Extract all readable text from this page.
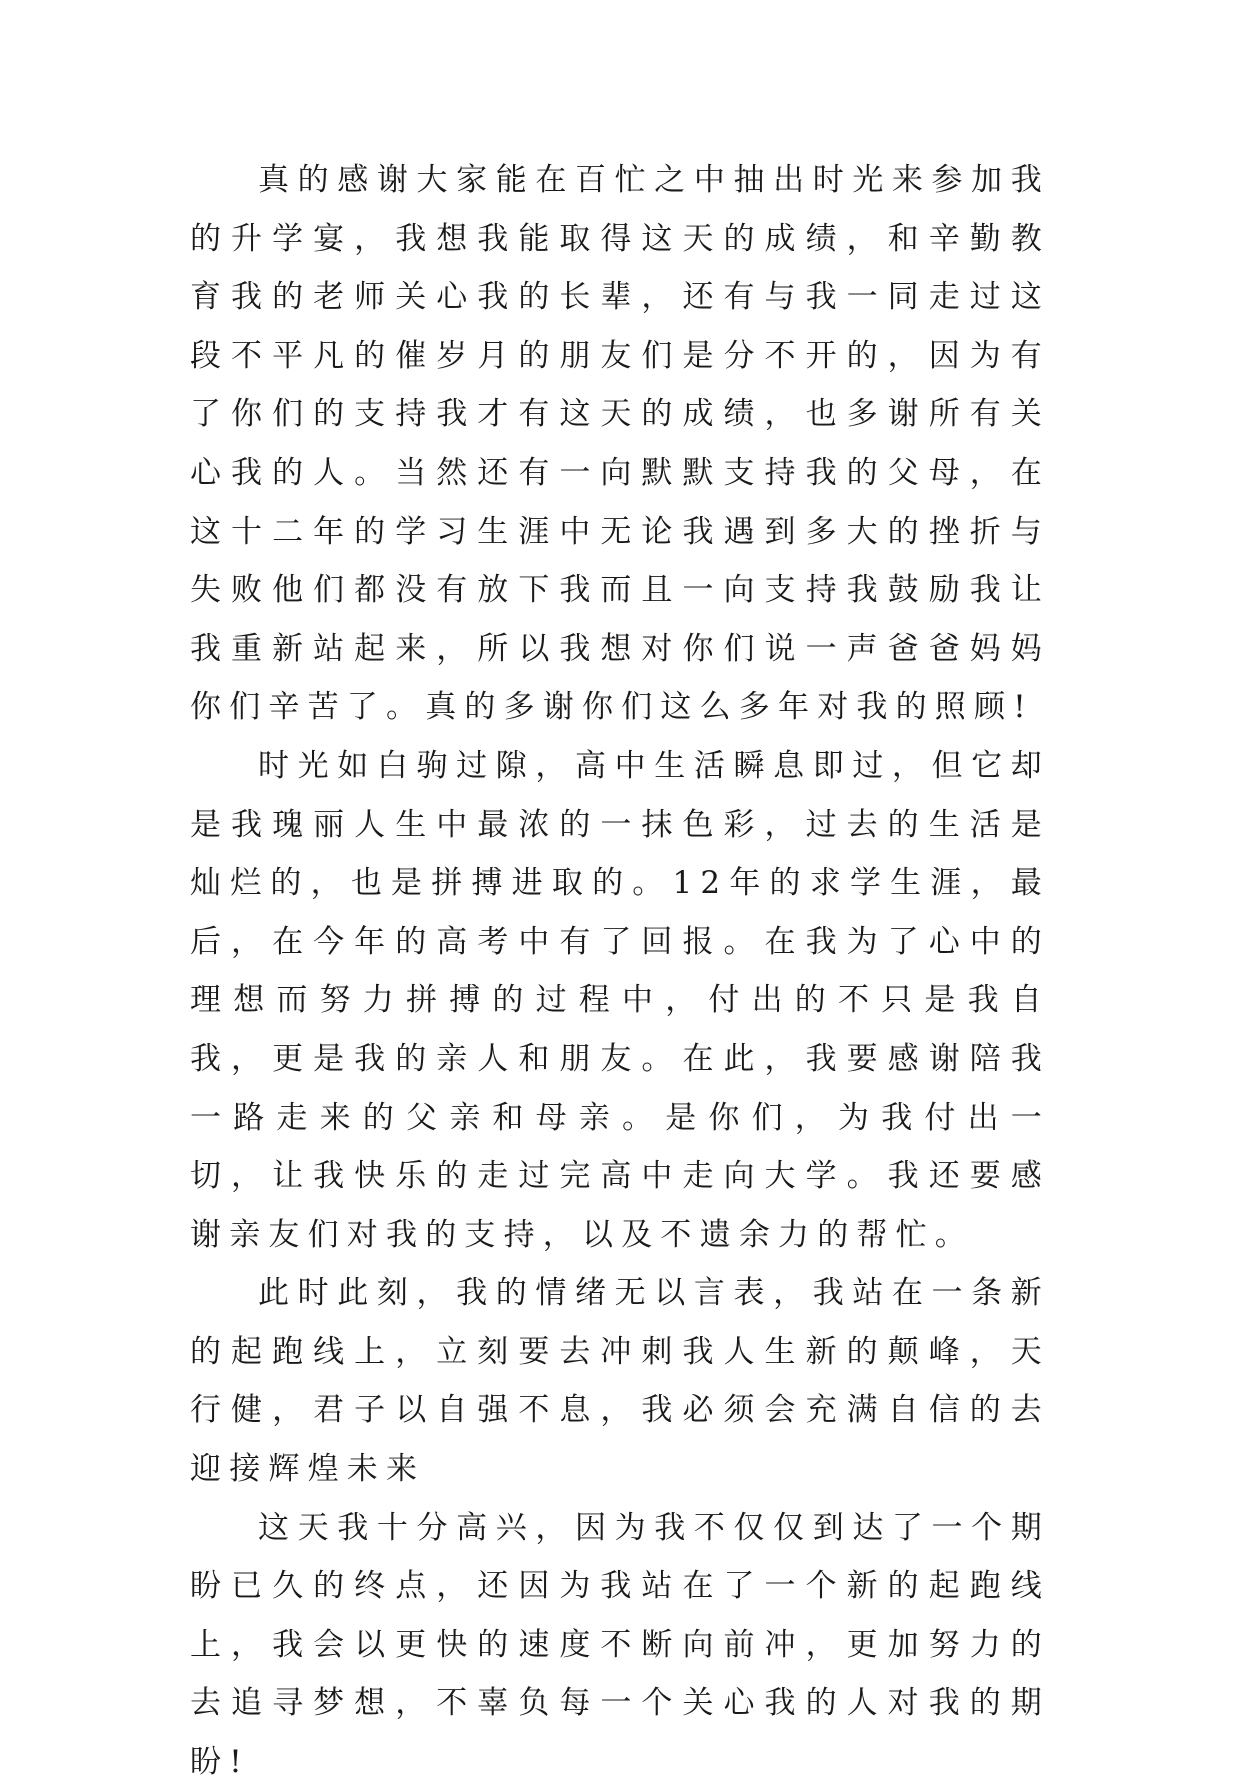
真的感谢大家能在百忙之中抽出时光来参加我的升学宴，我想我能取得这天的成绩，和辛勤教育我的老师关心我的长辈，还有与我一同走过这段不平凡的催岁月的朋友们是分不开的，因为有了你们的支持我才有这天的成绩，也多谢所有关心我的人。当然还有一向默默支持我的父母，在这十二年的学习生涯中无论我遇到多大的挫折与失败他们都没有放下我而且一向支持我鼓励我让我重新站起来，所以我想对你们说一声爸爸妈妈你们辛苦了。真的多谢你们这么多年对我的照顾!

时光如白驹过隙，高中生活瞬息即过，但它却是我瑰丽人生中最浓的一抹色彩，过去的生活是灿烂的，也是拼搏进取的。12年的求学生涯，最后，在今年的高考中有了回报。在我为了心中的理想而努力拼搏的过程中，付出的不只是我自我，更是我的亲人和朋友。在此，我要感谢陪我一路走来的父亲和母亲。是你们，为我付出一切，让我快乐的走过完高中走向大学。我还要感谢亲友们对我的支持，以及不遗余力的帮忙。

此时此刻，我的情绪无以言表，我站在一条新的起跑线上，立刻要去冲刺我人生新的颠峰，天行健，君子以自强不息，我必须会充满自信的去迎接辉煌未来

这天我十分高兴，因为我不仅仅到达了一个期盼已久的终点，还因为我站在了一个新的起跑线上，我会以更快的速度不断向前冲，更加努力的去追寻梦想，不辜负每一个关心我的人对我的期盼!
